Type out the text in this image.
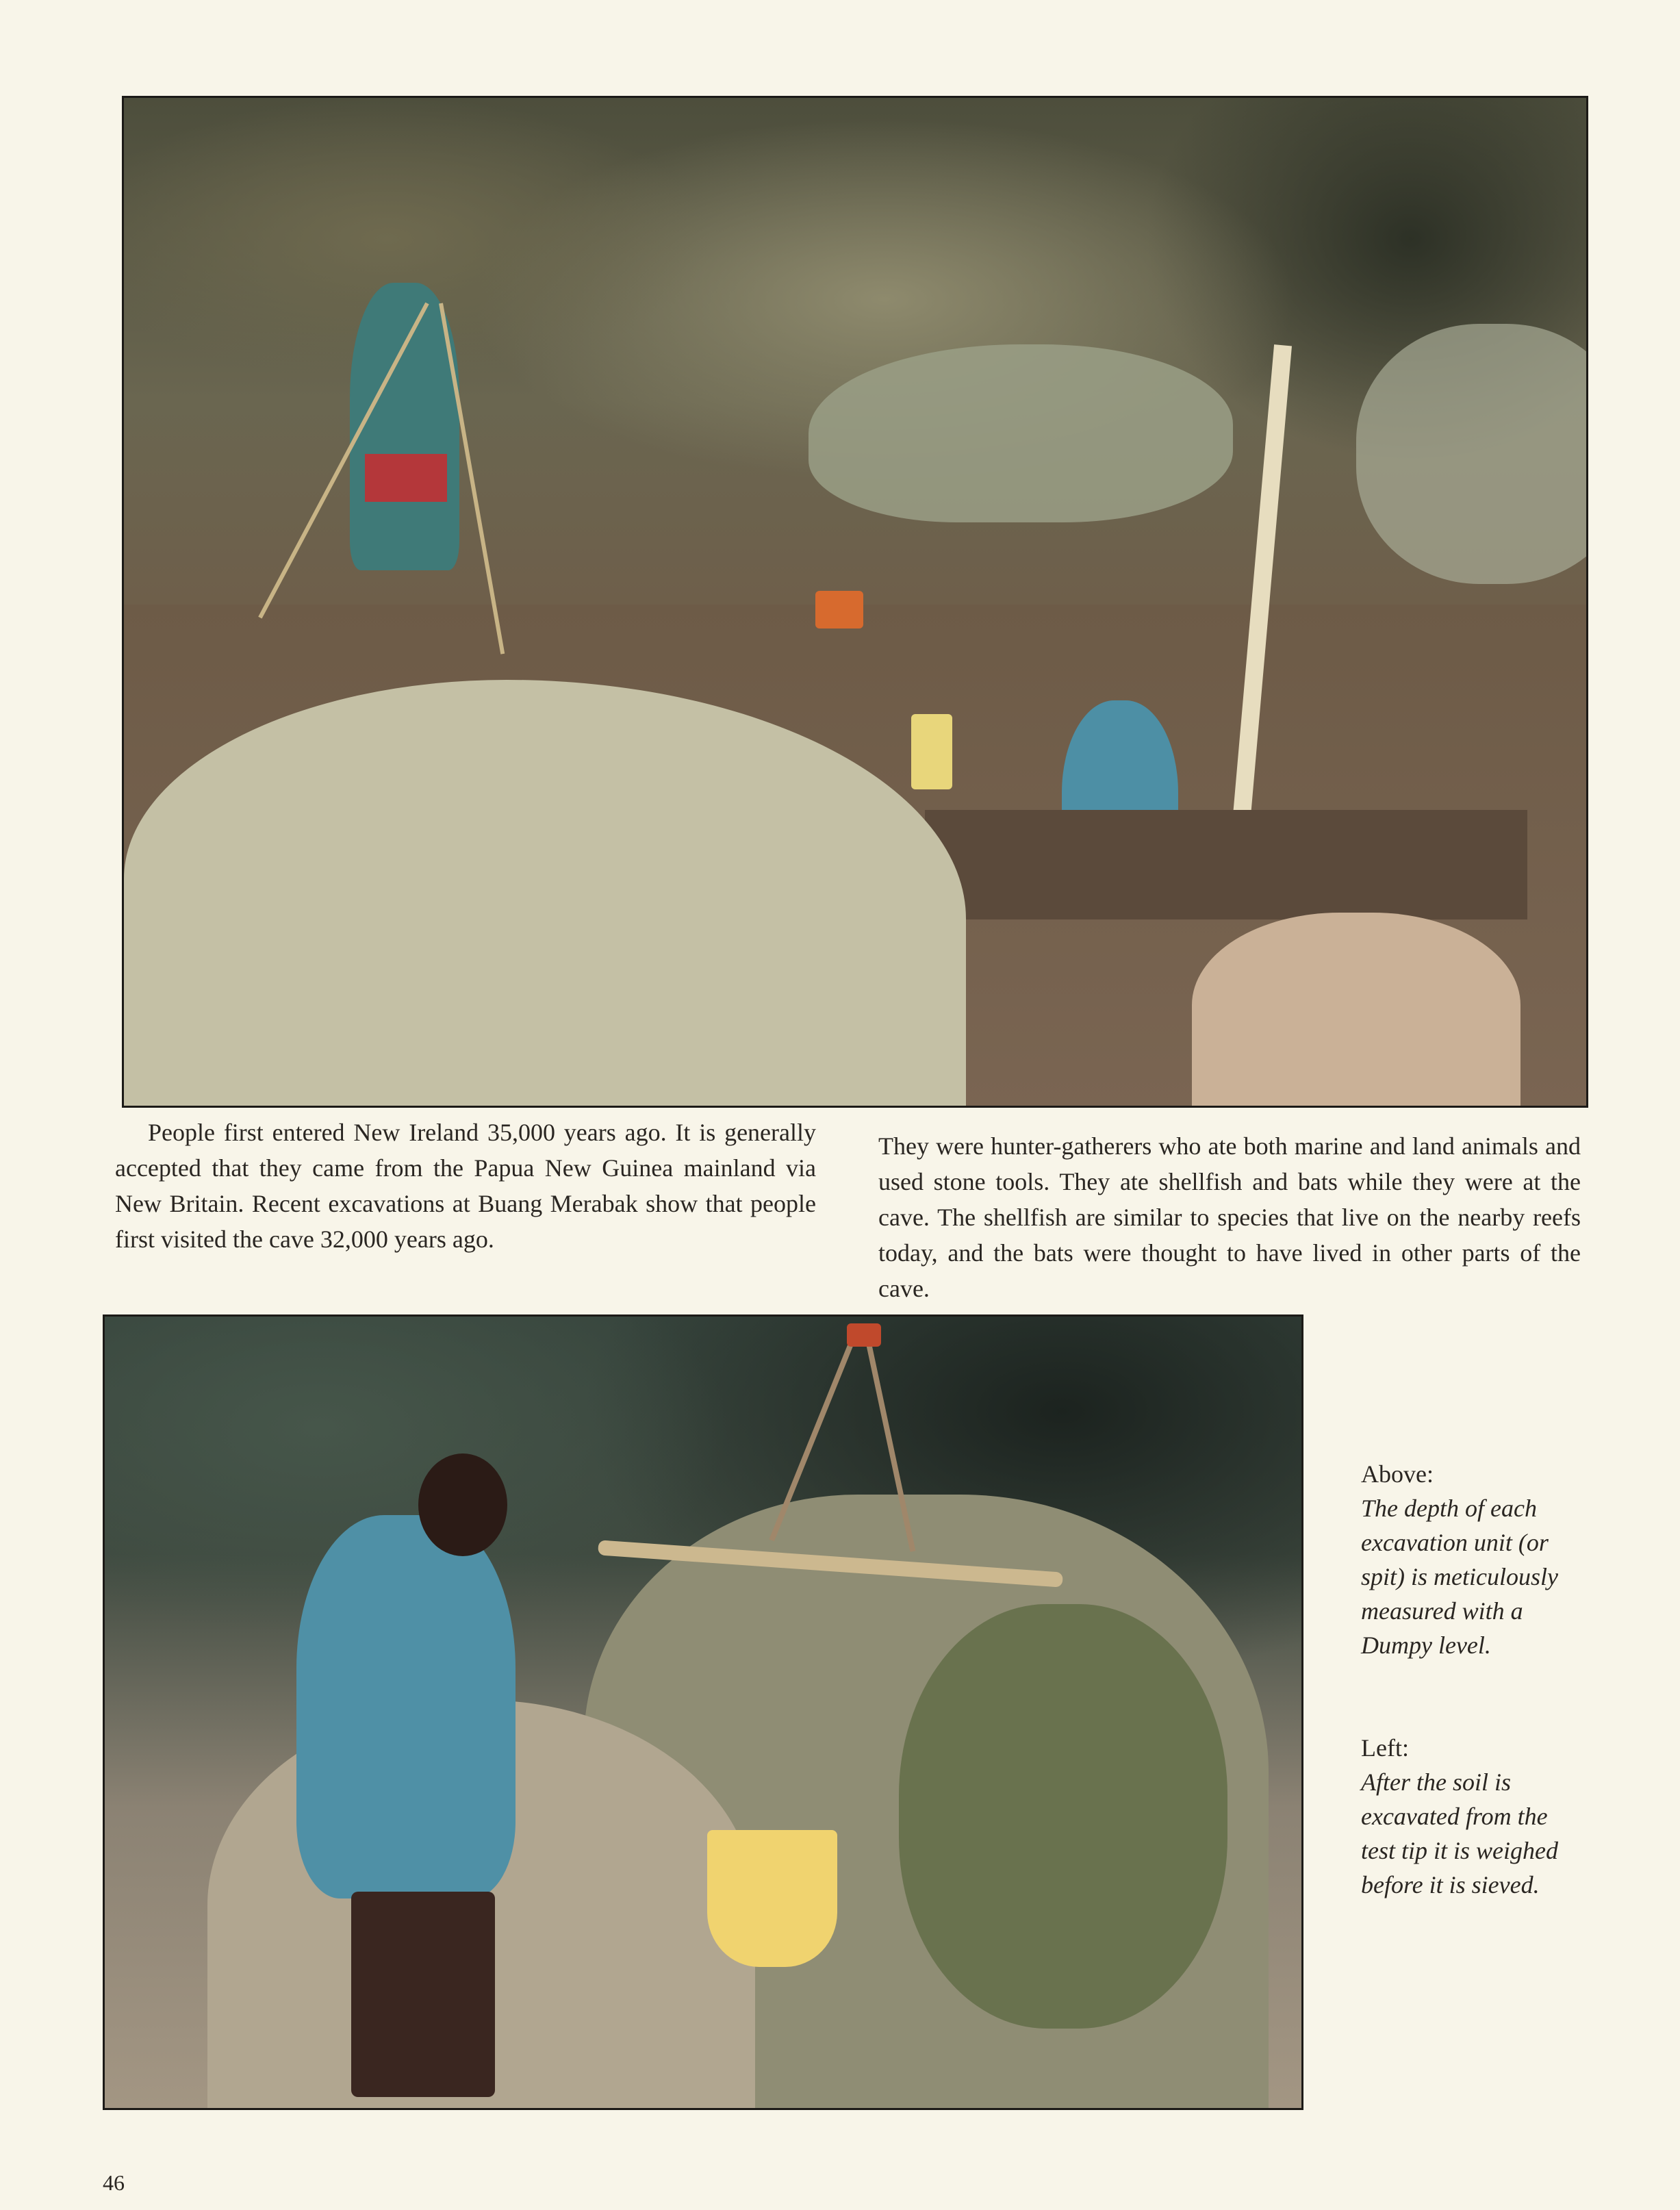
People first entered New Ireland 35,000 years ago. It is generally accepted that they came from the Papua New Guinea mainland via New Britain. Recent excavations at Buang Merabak show that people first visited the cave 32,000 years ago.

They were hunter-gatherers who ate both marine and land animals and used stone tools. They ate shellfish and bats while they were at the cave. The shellfish are similar to species that live on the nearby reefs today, and the bats were thought to have lived in other parts of the cave.

Above:

The depth of each excavation unit (or spit) is meticulously measured with a Dumpy level.

Left:

After the soil is excavated from the test tip it is weighed before it is sieved.

46
